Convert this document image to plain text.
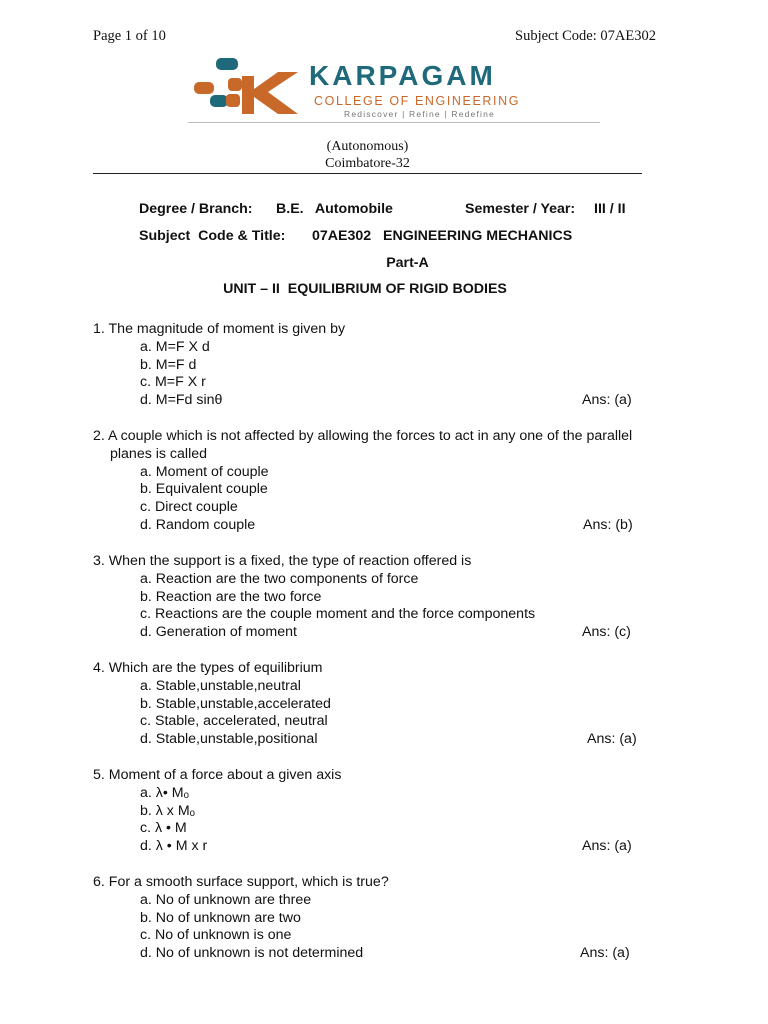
Page 1 of 10	Subject Code: 07AE302
KARPAGAM
COLLEGE OF ENGINEERING
Rediscover | Refine | Redefine
(Autonomous)
Coimbatore-32
Degree / Branch: B.E.   Automobile	Semester / Year: III / II
Subject  Code & Title: 07AE302   ENGINEERING MECHANICS
Part-A
UNIT – II  EQUILIBRIUM OF RIGID BODIES
1. The magnitude of moment is given by
a. M=F X d
b. M=F d
c. M=F X r
d. M=Fd sinθ	Ans: (a)
2. A couple which is not affected by allowing the forces to act in any one of the parallel planes is called
a. Moment of couple
b. Equivalent couple
c. Direct couple
d. Random couple	Ans: (b)
3. When the support is a fixed, the type of reaction offered is
a. Reaction are the two components of force
b. Reaction are the two force
c. Reactions are the couple moment and the force components
d. Generation of moment	Ans: (c)
4. Which are the types of equilibrium
a. Stable,unstable,neutral
b. Stable,unstable,accelerated
c. Stable, accelerated, neutral
d. Stable,unstable,positional	Ans: (a)
5. Moment of a force about a given axis
a. λ• Mₒ
b. λ x Mₒ
c. λ • M
d. λ • M x r	Ans: (a)
6. For a smooth surface support, which is true?
a. No of unknown are three
b. No of unknown are two
c. No of unknown is one
d. No of unknown is not determined	Ans: (a)
